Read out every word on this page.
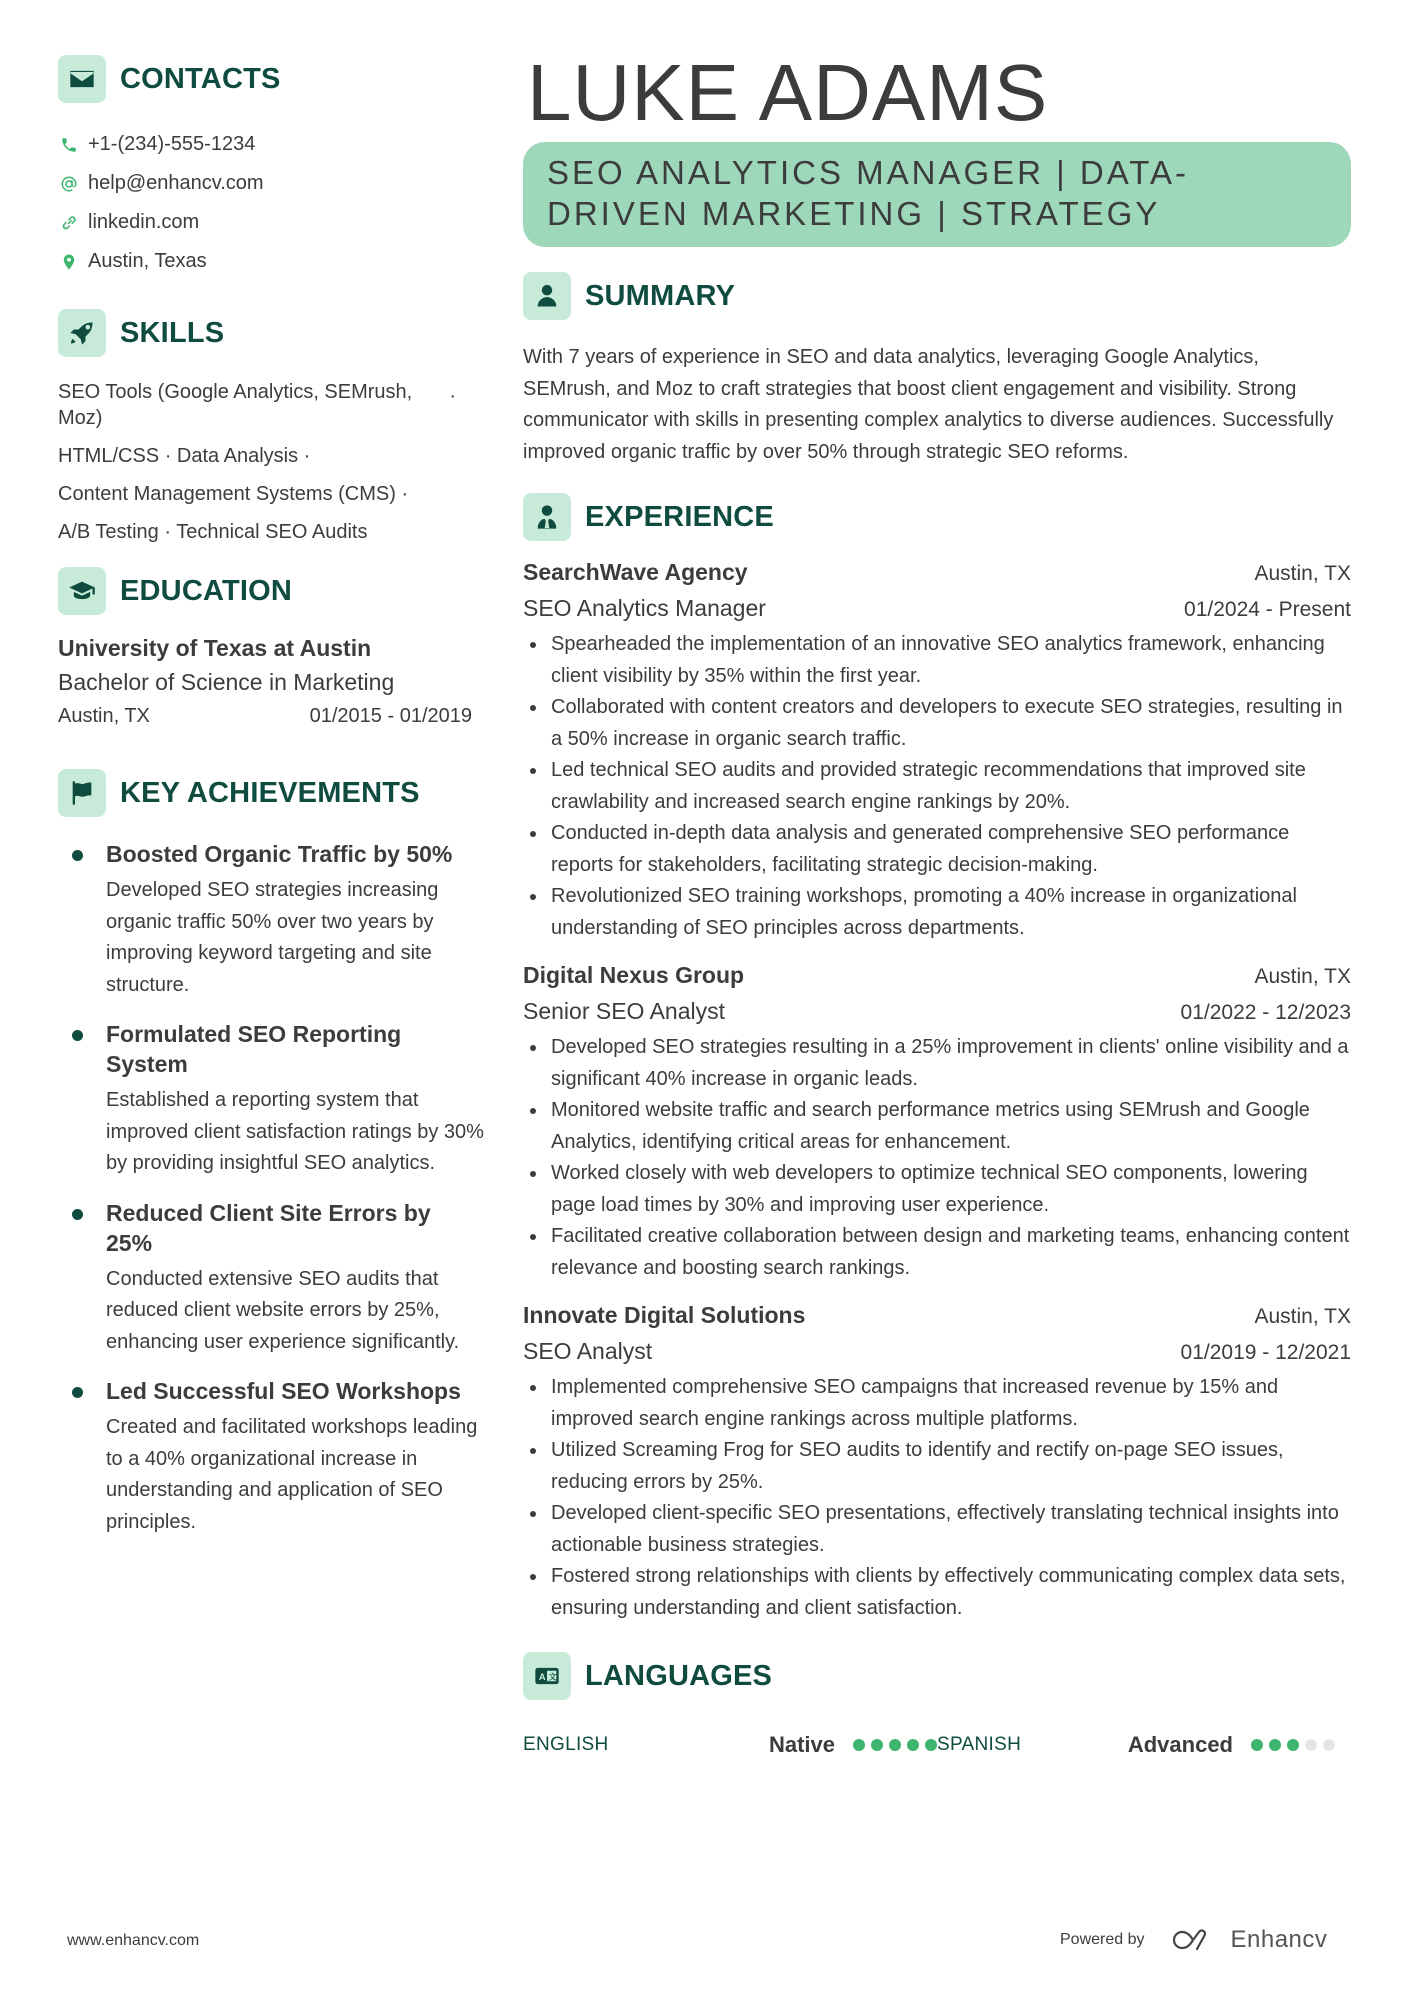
CONTACTS
+1-(234)-555-1234
help@enhancv.com
linkedin.com
Austin, Texas
SKILLS
SEO Tools (Google Analytics, SEMrush, Moz)
·
HTML/CSS · Data Analysis ·
Content Management Systems (CMS) ·
A/B Testing · Technical SEO Audits
EDUCATION
University of Texas at Austin
Bachelor of Science in Marketing
Austin, TX	01/2015 - 01/2019
KEY ACHIEVEMENTS
Boosted Organic Traffic by 50%
Developed SEO strategies increasing organic traffic 50% over two years by improving keyword targeting and site structure.
Formulated SEO Reporting System
Established a reporting system that improved client satisfaction ratings by 30% by providing insightful SEO analytics.
Reduced Client Site Errors by 25%
Conducted extensive SEO audits that reduced client website errors by 25%, enhancing user experience significantly.
Led Successful SEO Workshops
Created and facilitated workshops leading to a 40% organizational increase in understanding and application of SEO principles.
LUKE ADAMS
SEO ANALYTICS MANAGER | DATA-DRIVEN MARKETING | STRATEGY
SUMMARY
With 7 years of experience in SEO and data analytics, leveraging Google Analytics, SEMrush, and Moz to craft strategies that boost client engagement and visibility. Strong communicator with skills in presenting complex analytics to diverse audiences. Successfully improved organic traffic by over 50% through strategic SEO reforms.
EXPERIENCE
SearchWave Agency	Austin, TX
SEO Analytics Manager	01/2024 - Present
Spearheaded the implementation of an innovative SEO analytics framework, enhancing client visibility by 35% within the first year.
Collaborated with content creators and developers to execute SEO strategies, resulting in a 50% increase in organic search traffic.
Led technical SEO audits and provided strategic recommendations that improved site crawlability and increased search engine rankings by 20%.
Conducted in-depth data analysis and generated comprehensive SEO performance reports for stakeholders, facilitating strategic decision-making.
Revolutionized SEO training workshops, promoting a 40% increase in organizational understanding of SEO principles across departments.
Digital Nexus Group	Austin, TX
Senior SEO Analyst	01/2022 - 12/2023
Developed SEO strategies resulting in a 25% improvement in clients' online visibility and a significant 40% increase in organic leads.
Monitored website traffic and search performance metrics using SEMrush and Google Analytics, identifying critical areas for enhancement.
Worked closely with web developers to optimize technical SEO components, lowering page load times by 30% and improving user experience.
Facilitated creative collaboration between design and marketing teams, enhancing content relevance and boosting search rankings.
Innovate Digital Solutions	Austin, TX
SEO Analyst	01/2019 - 12/2021
Implemented comprehensive SEO campaigns that increased revenue by 15% and improved search engine rankings across multiple platforms.
Utilized Screaming Frog for SEO audits to identify and rectify on-page SEO issues, reducing errors by 25%.
Developed client-specific SEO presentations, effectively translating technical insights into actionable business strategies.
Fostered strong relationships with clients by effectively communicating complex data sets, ensuring understanding and client satisfaction.
A 文 LANGUAGES
ENGLISH	Native	SPANISH	Advanced
www.enhancv.com	Powered by	Enhancv
